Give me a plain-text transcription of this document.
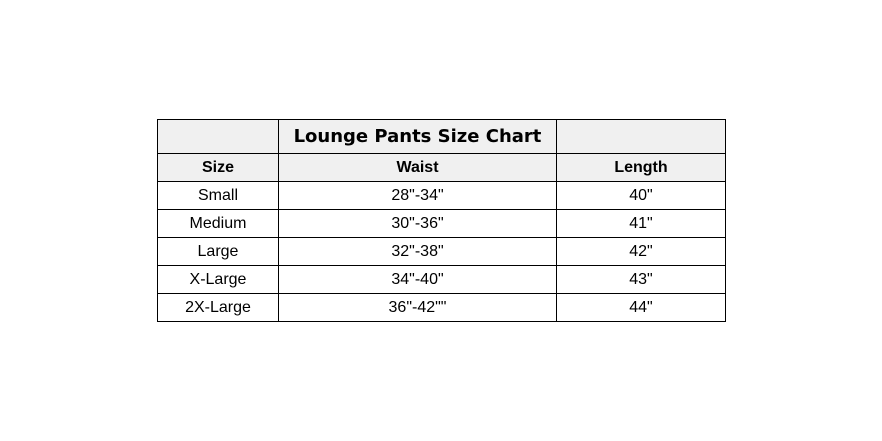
	Lounge Pants Size Chart	
Size	Waist	Length
Small	28"-34"	40"
Medium	30"-36"	41"
Large	32"-38"	42"
X-Large	34"-40"	43"
2X-Large	36"-42""	44"
